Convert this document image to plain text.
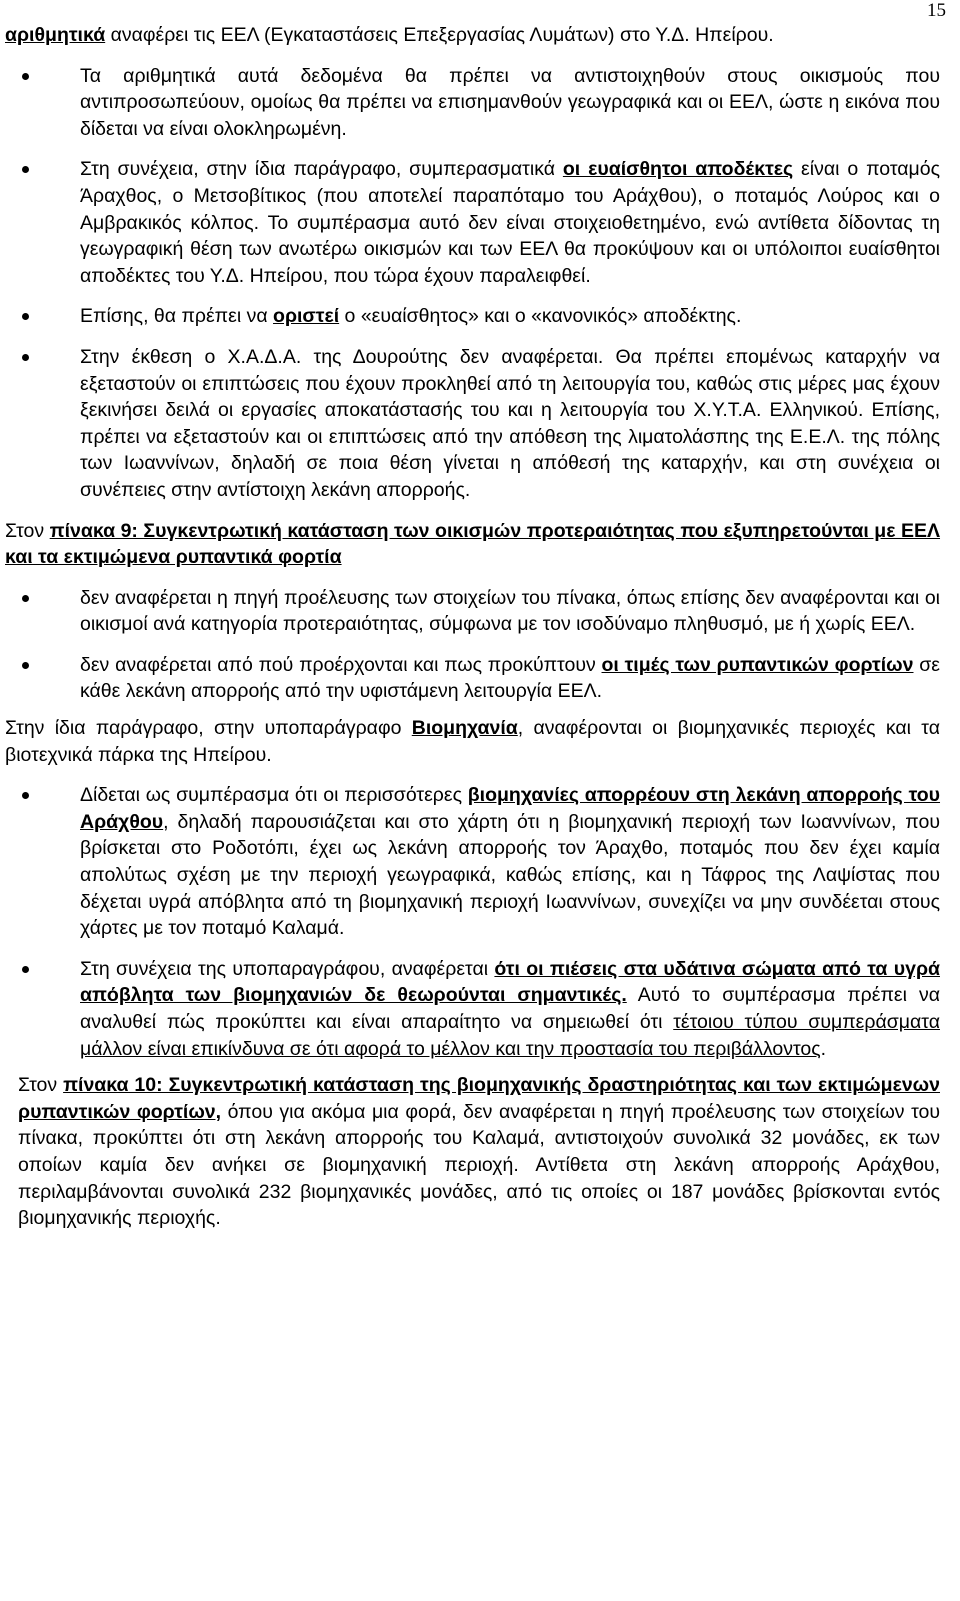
15

αριθμητικά αναφέρει τις ΕΕΛ (Εγκαταστάσεις Επεξεργασίας Λυμάτων) στο Υ.Δ. Ηπείρου.

Τα αριθμητικά αυτά δεδομένα θα πρέπει να αντιστοιχηθούν στους οικισμούς που αντιπροσωπεύουν, ομοίως θα πρέπει να επισημανθούν γεωγραφικά και οι ΕΕΛ, ώστε η εικόνα που δίδεται να είναι ολοκληρωμένη.
Στη συνέχεια, στην ίδια παράγραφο, συμπερασματικά οι ευαίσθητοι αποδέκτες είναι ο ποταμός Άραχθος, ο Μετσοβίτικος (που αποτελεί παραπόταμο του Αράχθου), ο ποταμός Λούρος και ο Αμβρακικός κόλπος. Το συμπέρασμα αυτό δεν είναι στοιχειοθετημένο, ενώ αντίθετα δίδοντας τη γεωγραφική θέση των ανωτέρω οικισμών και των ΕΕΛ θα προκύψουν και οι υπόλοιποι ευαίσθητοι αποδέκτες του Υ.Δ. Ηπείρου, που τώρα έχουν παραλειφθεί.
Επίσης, θα πρέπει να οριστεί ο «ευαίσθητος» και ο «κανονικός» αποδέκτης.
Στην έκθεση ο Χ.Α.Δ.Α. της Δουρούτης δεν αναφέρεται. Θα πρέπει επομένως καταρχήν να εξεταστούν οι επιπτώσεις που έχουν προκληθεί από τη λειτουργία του, καθώς στις μέρες μας έχουν ξεκινήσει δειλά οι εργασίες αποκατάστασής του και η λειτουργία του Χ.Υ.Τ.Α. Ελληνικού. Επίσης, πρέπει να εξεταστούν και οι επιπτώσεις από την απόθεση της λιματολάσπης της Ε.Ε.Λ. της πόλης των Ιωαννίνων, δηλαδή σε ποια θέση γίνεται η απόθεσή της καταρχήν, και στη συνέχεια οι συνέπειες στην αντίστοιχη λεκάνη απορροής.

Στον πίνακα 9: Συγκεντρωτική κατάσταση των οικισμών προτεραιότητας που εξυπηρετούνται με ΕΕΛ και τα εκτιμώμενα ρυπαντικά φορτία

δεν αναφέρεται η πηγή προέλευσης των στοιχείων του πίνακα, όπως επίσης δεν αναφέρονται και οι οικισμοί ανά κατηγορία προτεραιότητας, σύμφωνα με τον ισοδύναμο πληθυσμό, με ή χωρίς ΕΕΛ.
δεν αναφέρεται από πού προέρχονται και πως προκύπτουν οι τιμές των ρυπαντικών φορτίων σε κάθε λεκάνη απορροής από την υφιστάμενη λειτουργία ΕΕΛ.

Στην ίδια παράγραφο, στην υποπαράγραφο Βιομηχανία, αναφέρονται οι βιομηχανικές περιοχές και τα βιοτεχνικά πάρκα της Ηπείρου.

Δίδεται ως συμπέρασμα ότι οι περισσότερες βιομηχανίες απορρέουν στη λεκάνη απορροής του Αράχθου, δηλαδή παρουσιάζεται και στο χάρτη ότι η βιομηχανική περιοχή των Ιωαννίνων, που βρίσκεται στο Ροδοτόπι, έχει ως λεκάνη απορροής τον Άραχθο, ποταμός που δεν έχει καμία απολύτως σχέση με την περιοχή γεωγραφικά, καθώς επίσης, και η Τάφρος της Λαψίστας που δέχεται υγρά απόβλητα από τη βιομηχανική περιοχή Ιωαννίνων, συνεχίζει να μην συνδέεται στους χάρτες με τον ποταμό Καλαμά.
Στη συνέχεια της υποπαραγράφου, αναφέρεται ότι οι πιέσεις στα υδάτινα σώματα από τα υγρά απόβλητα των βιομηχανιών δε θεωρούνται σημαντικές. Αυτό το συμπέρασμα πρέπει να αναλυθεί πώς προκύπτει και είναι απαραίτητο να σημειωθεί ότι τέτοιου τύπου συμπεράσματα μάλλον είναι επικίνδυνα σε ότι αφορά το μέλλον και την προστασία του περιβάλλοντος.

Στον πίνακα 10: Συγκεντρωτική κατάσταση της βιομηχανικής δραστηριότητας και των εκτιμώμενων ρυπαντικών φορτίων, όπου για ακόμα μια φορά, δεν αναφέρεται η πηγή προέλευσης των στοιχείων του πίνακα, προκύπτει ότι στη λεκάνη απορροής του Καλαμά, αντιστοιχούν συνολικά 32 μονάδες, εκ των οποίων καμία δεν ανήκει σε βιομηχανική περιοχή. Αντίθετα στη λεκάνη απορροής Αράχθου, περιλαμβάνονται συνολικά 232 βιομηχανικές μονάδες, από τις οποίες οι 187 μονάδες βρίσκονται εντός βιομηχανικής περιοχής.
